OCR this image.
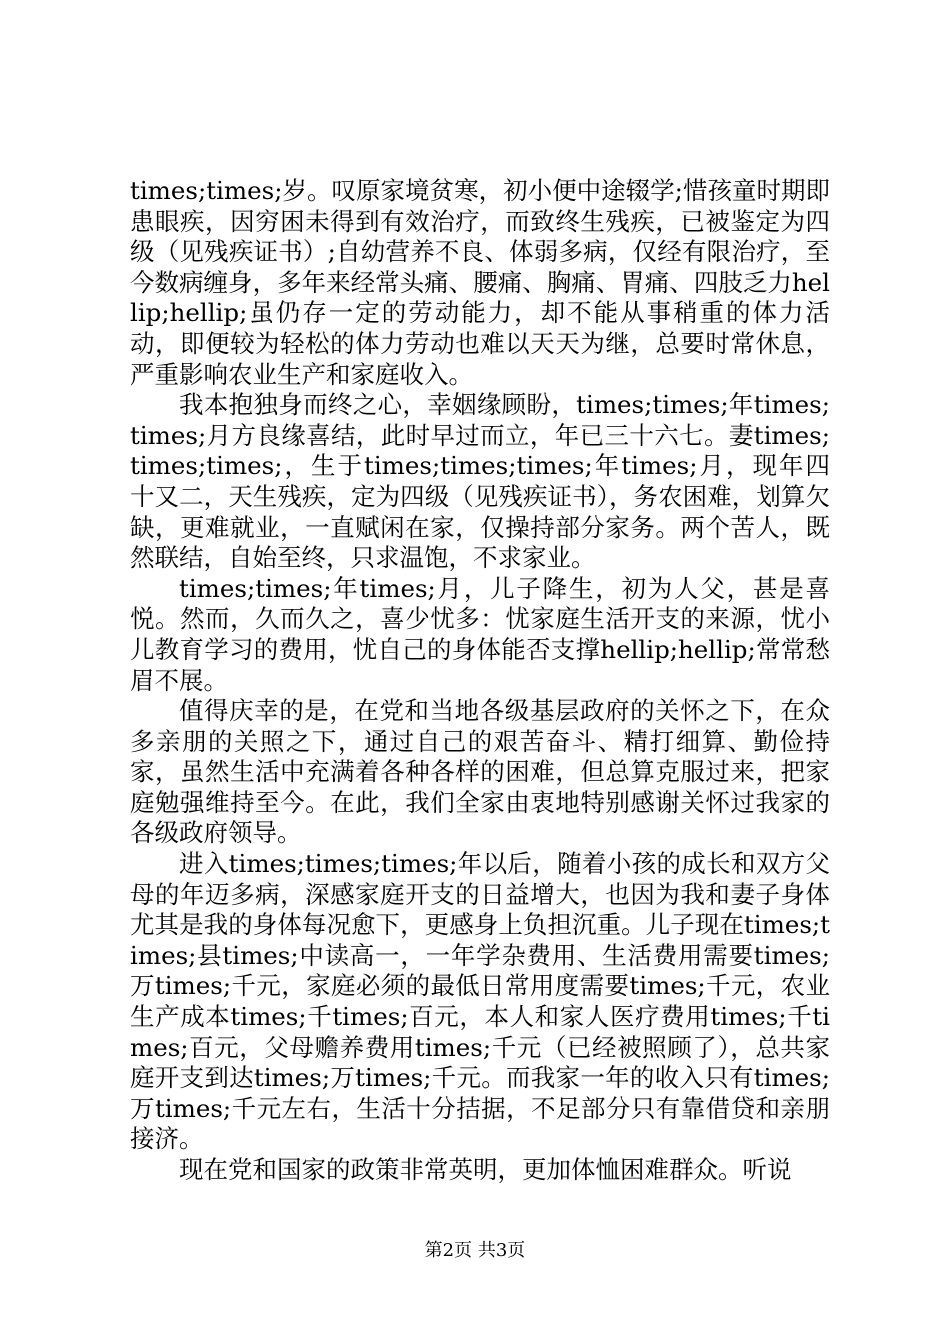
times;times;岁。叹原家境贫寒，初小便中途辍学;惜孩童时期即患眼疾，因穷困未得到有效治疗，而致终生残疾，已被鉴定为四级（见残疾证书）;自幼营养不良、体弱多病，仅经有限治疗，至今数病缠身，多年来经常头痛、腰痛、胸痛、胃痛、四肢乏力hellip;hellip;虽仍存一定的劳动能力，却不能从事稍重的体力活动，即便较为轻松的体力劳动也难以天天为继，总要时常休息，严重影响农业生产和家庭收入。

我本抱独身而终之心，幸姻缘顾盼，times;times;年times;times;月方良缘喜结，此时早过而立，年已三十六七。妻times;times;times;，生于times;times;times;年times;月，现年四十又二，天生残疾，定为四级（见残疾证书），务农困难，划算欠缺，更难就业，一直赋闲在家，仅操持部分家务。两个苦人，既然联结，自始至终，只求温饱，不求家业。

times;times;年times;月，儿子降生，初为人父，甚是喜悦。然而，久而久之，喜少忧多：忧家庭生活开支的来源，忧小儿教育学习的费用，忧自己的身体能否支撑hellip;hellip;常常愁眉不展。

值得庆幸的是，在党和当地各级基层政府的关怀之下，在众多亲朋的关照之下，通过自己的艰苦奋斗、精打细算、勤俭持家，虽然生活中充满着各种各样的困难，但总算克服过来，把家庭勉强维持至今。在此，我们全家由衷地特别感谢关怀过我家的各级政府领导。

进入times;times;times;年以后，随着小孩的成长和双方父母的年迈多病，深感家庭开支的日益增大，也因为我和妻子身体尤其是我的身体每况愈下，更感身上负担沉重。儿子现在times;times;县times;中读高一，一年学杂费用、生活费用需要times;万times;千元，家庭必须的最低日常用度需要times;千元，农业生产成本times;千times;百元，本人和家人医疗费用times;千times;百元，父母赡养费用times;千元（已经被照顾了），总共家庭开支到达times;万times;千元。而我家一年的收入只有times;万times;千元左右，生活十分拮据，不足部分只有靠借贷和亲朋接济。

现在党和国家的政策非常英明，更加体恤困难群众。听说

第2页 共3页
